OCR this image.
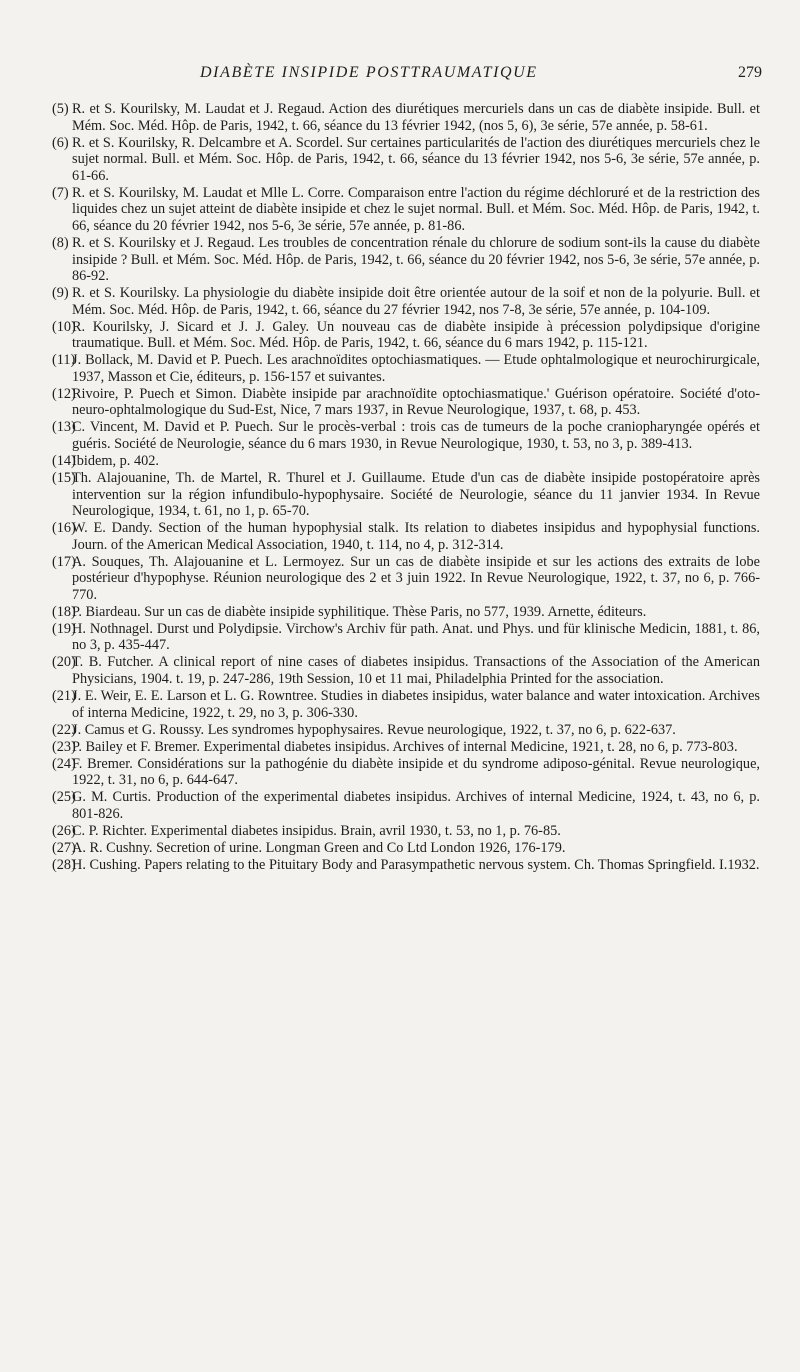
DIABÈTE INSIPIDE POSTTRAUMATIQUE	279
(5) R. et S. Kourilsky, M. Laudat et J. Regaud. Action des diurétiques mercuriels dans un cas de diabète insipide. Bull. et Mém. Soc. Méd. Hôp. de Paris, 1942, t. 66, séance du 13 février 1942, (nos 5, 6), 3e série, 57e année, p. 58-61.
(6) R. et S. Kourilsky, R. Delcambre et A. Scordel. Sur certaines particularités de l'action des diurétiques mercuriels chez le sujet normal. Bull. et Mém. Soc. Hôp. de Paris, 1942, t. 66, séance du 13 février 1942, nos 5-6, 3e série, 57e année, p. 61-66.
(7) R. et S. Kourilsky, M. Laudat et Mlle L. Corre. Comparaison entre l'action du régime déchloruré et de la restriction des liquides chez un sujet atteint de diabète insipide et chez le sujet normal. Bull. et Mém. Soc. Méd. Hôp. de Paris, 1942, t. 66, séance du 20 février 1942, nos 5-6, 3e série, 57e année, p. 81-86.
(8) R. et S. Kourilsky et J. Regaud. Les troubles de concentration rénale du chlorure de sodium sont-ils la cause du diabète insipide ? Bull. et Mém. Soc. Méd. Hôp. de Paris, 1942, t. 66, séance du 20 février 1942, nos 5-6, 3e série, 57e année, p. 86-92.
(9) R. et S. Kourilsky. La physiologie du diabète insipide doit être orientée autour de la soif et non de la polyurie. Bull. et Mém. Soc. Méd. Hôp. de Paris, 1942, t. 66, séance du 27 février 1942, nos 7-8, 3e série, 57e année, p. 104-109.
(10)
R. Kourilsky, J. Sicard et J. J. Galey. Un nouveau cas de diabète insipide à précession polydipsique d'origine traumatique. Bull. et Mém. Soc. Méd. Hôp. de Paris, 1942, t. 66, séance du 6 mars 1942, p. 115-121.
(11)
J. Bollack, M. David et P. Puech. Les arachnoïdites optochiasmatiques. — Etude ophtalmologique et neurochirurgicale, 1937, Masson et Cie, éditeurs, p. 156-157 et suivantes.
(12)
Rivoire, P. Puech et Simon. Diabète insipide par arachnoïdite optochiasmatique.' Guérison opératoire. Société d'oto-neuro-ophtalmologique du Sud-Est, Nice, 7 mars 1937, in Revue Neurologique, 1937, t. 68, p. 453.
(13)
C. Vincent, M. David et P. Puech. Sur le procès-verbal : trois cas de tumeurs de la poche craniopharyngée opérés et guéris. Société de Neurologie, séance du 6 mars 1930, in Revue Neurologique, 1930, t. 53, no 3, p. 389-413.
(14)
Ibidem, p. 402.
(15)
Th. Alajouanine, Th. de Martel, R. Thurel et J. Guillaume. Etude d'un cas de diabète insipide postopératoire après intervention sur la région infundibulo-hypophysaire. Société de Neurologie, séance du 11 janvier 1934. In Revue Neurologique, 1934, t. 61, no 1, p. 65-70.
(16)
W. E. Dandy. Section of the human hypophysial stalk. Its relation to diabetes insipidus and hypophysial functions. Journ. of the American Medical Association, 1940, t. 114, no 4, p. 312-314.
(17)
A. Souques, Th. Alajouanine et L. Lermoyez. Sur un cas de diabète insipide et sur les actions des extraits de lobe postérieur d'hypophyse. Réunion neurologique des 2 et 3 juin 1922. In Revue Neurologique, 1922, t. 37, no 6, p. 766-770.
(18)
P. Biardeau. Sur un cas de diabète insipide syphilitique. Thèse Paris, no 577, 1939. Arnette, éditeurs.
(19)
H. Nothnagel. Durst und Polydipsie. Virchow's Archiv für path. Anat. und Phys. und für klinische Medicin, 1881, t. 86, no 3, p. 435-447.
(20)
T. B. Futcher. A clinical report of nine cases of diabetes insipidus. Transactions of the Association of the American Physicians, 1904. t. 19, p. 247-286, 19th Session, 10 et 11 mai, Philadelphia Printed for the association.
(21)
J. E. Weir, E. E. Larson et L. G. Rowntree. Studies in diabetes insipidus, water balance and water intoxication. Archives of interna Medicine, 1922, t. 29, no 3, p. 306-330.
(22)
J. Camus et G. Roussy. Les syndromes hypophysaires. Revue neurologique, 1922, t. 37, no 6, p. 622-637.
(23)
P. Bailey et F. Bremer. Experimental diabetes insipidus. Archives of internal Medicine, 1921, t. 28, no 6, p. 773-803.
(24)
F. Bremer. Considérations sur la pathogénie du diabète insipide et du syndrome adiposo-génital. Revue neurologique, 1922, t. 31, no 6, p. 644-647.
(25)
G. M. Curtis. Production of the experimental diabetes insipidus. Archives of internal Medicine, 1924, t. 43, no 6, p. 801-826.
(26)
C. P. Richter. Experimental diabetes insipidus. Brain, avril 1930, t. 53, no 1, p. 76-85.
(27)
A. R. Cushny. Secretion of urine. Longman Green and Co Ltd London 1926, 176-179.
(28)
H. Cushing. Papers relating to the Pituitary Body and Parasympathetic nervous system. Ch. Thomas Springfield. I.1932.
